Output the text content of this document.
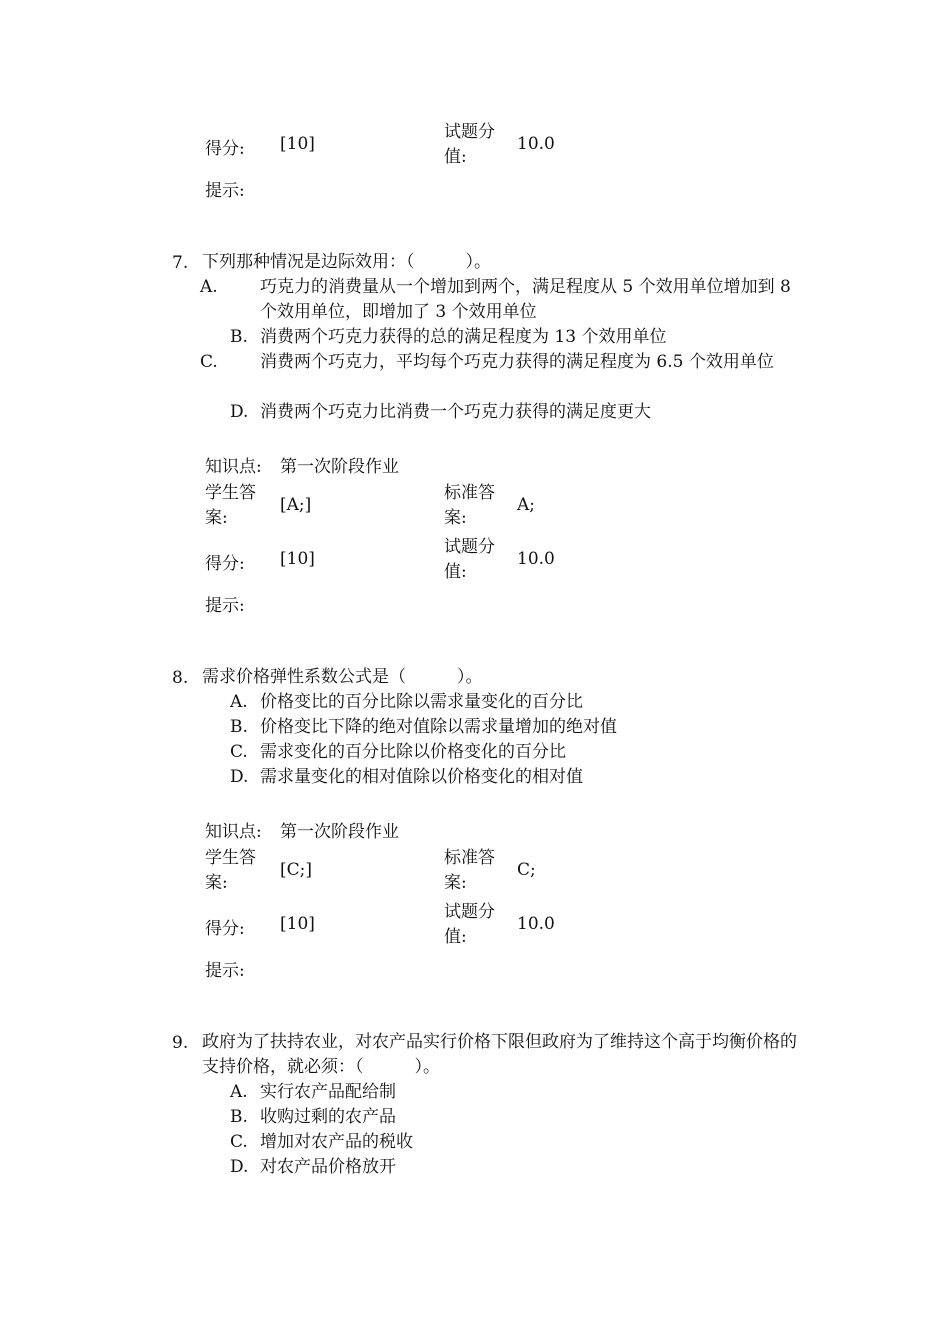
得分: [10]
试题分值:
10.0
提示:
7. 下列那种情况是边际效用：（　　　）。
A. 巧克力的消费量从一个增加到两个，满足程度从 5 个效用单位增加到 8 个效用单位，即增加了 3 个效用单位
B. 消费两个巧克力获得的总的满足程度为 13 个效用单位
C. 消费两个巧克力，平均每个巧克力获得的满足程度为 6.5 个效用单位
D. 消费两个巧克力比消费一个巧克力获得的满足度更大
知识点: 第一次阶段作业
学生答案:
[A;]
标准答案:
A;
得分: [10]
试题分值:
10.0
提示:
8. 需求价格弹性系数公式是（　　　）。
A. 价格变比的百分比除以需求量变化的百分比
B. 价格变比下降的绝对值除以需求量增加的绝对值
C. 需求变化的百分比除以价格变化的百分比
D. 需求量变化的相对值除以价格变化的相对值
知识点: 第一次阶段作业
学生答案:
[C;]
标准答案:
C;
得分: [10]
试题分值:
10.0
提示:
9. 政府为了扶持农业，对农产品实行价格下限但政府为了维持这个高于均衡价格的支持价格，就必须：（　　　）。
A. 实行农产品配给制
B. 收购过剩的农产品
C. 增加对农产品的税收
D. 对农产品价格放开
